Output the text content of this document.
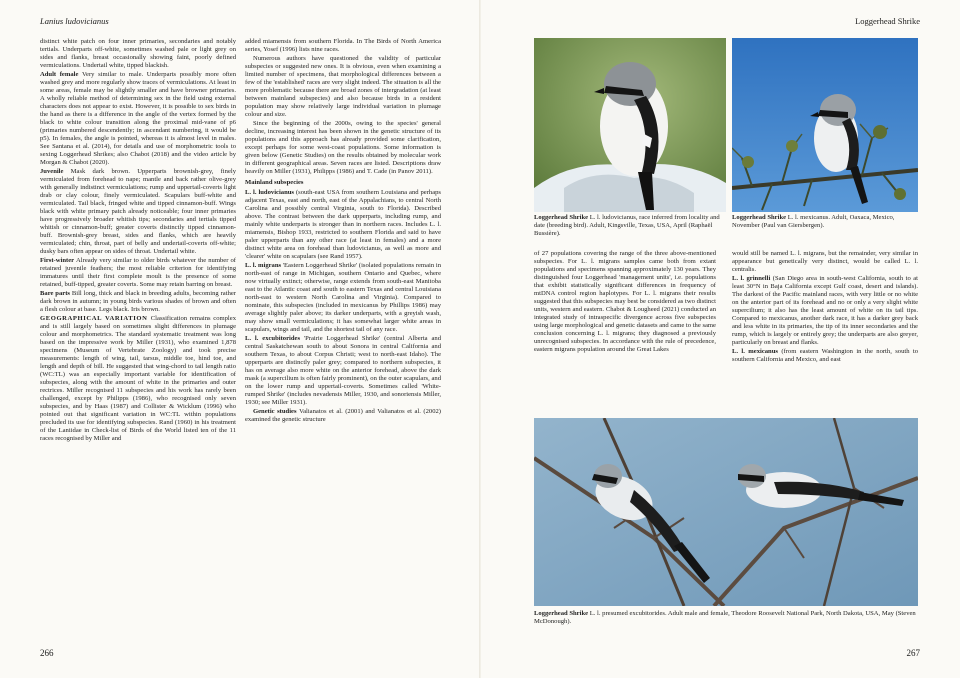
Lanius ludovicianus

distinct white patch on four inner primaries, secondaries and notably tertials. Underparts off-white, sometimes washed pale or light grey on sides and flanks, breast occasionally showing faint, poorly defined vermiculations. Undertail white, tipped blackish.

Adult female Very similar to male. Underparts possibly more often washed grey and more regularly show traces of vermiculations. At least in some areas, female may be slightly smaller and have browner primaries. A wholly reliable method of determining sex in the field using external characters does not appear to exist. However, it is possible to sex birds in the hand as there is a difference in the angle of the vertex formed by the black to white colour transition along the proximal mid-vane of p6 (primaries numbered descendently; in ascendant numbering, it would be p5). In females, the angle is pointed, whereas it is almost level in males. See Santana et al. (2014), for details and use of morphometric tools to sexing Loggerhead Shrikes; also Chabot (2018) and the video article by Morgan & Chabot (2020).

Juvenile Mask dark brown. Upperparts brownish-grey, finely vermiculated from forehead to nape; mantle and back rather olive-grey with generally indistinct vermiculations; rump and uppertail-coverts light drab or clay colour, finely vermiculated. Scapulars buff-white and vermiculated. Tail black, fringed white and tipped cinnamon-buff. Wings black with white primary patch already noticeable; four inner primaries have progressively broader whitish tips; secondaries and tertials tipped whitish or cinnamon-buff; greater coverts distinctly tipped cinnamon-buff. Brownish-grey breast, sides and flanks, which are heavily vermiculated; chin, throat, part of belly and undertail-coverts off-white; dusky bars often appear on sides of throat. Undertail white.

First-winter Already very similar to older birds whatever the number of retained juvenile feathers; the most reliable criterion for identifying immatures until their first complete moult is the presence of some retained, buff-tipped, greater coverts. Some may retain barring on breast.

Bare parts Bill long, thick and black in breeding adults, becoming rather dark brown in autumn; in young birds various shades of brown and often a flesh colour at base. Legs black. Iris brown.

GEOGRAPHICAL VARIATION Classification remains complex and is still largely based on sometimes slight differences in plumage colour and morphometrics. The standard systematic treatment was long based on the impressive work by Miller (1931), who examined 1,878 specimens (Museum of Vertebrate Zoology) and took precise measurements: length of wing, tail, tarsus, middle toe, hind toe, and length and depth of bill. He suggested that wing-chord to tail length ratio (WC:TL) was an especially important variable for identification of subspecies, along with the amount of white in the primaries and outer rectrices. Miller recognised 11 subspecies and his work has rarely been challenged, except by Philipps (1986), who recognised only seven subspecies, and by Haas (1987) and Collister & Wicklum (1996) who pointed out that significant variation in WC:TL within populations precluded its use for identifying subspecies. Rand (1960) in his treatment of the Laniidae in Check-list of Birds of the World listed ten of the 11 races recognised by Miller and

added miamensis from southern Florida. In The Birds of North America series, Yosef (1996) lists nine races.

Numerous authors have questioned the validity of particular subspecies or suggested new ones. It is obvious, even when examining a limited number of specimens, that morphological differences between a few of the 'established' races are very slight indeed. The situation is all the more problematic because there are broad zones of intergradation (at least between mainland subspecies) and also because birds in a resident population may show relatively large individual variation in plumage colour and size.

Since the beginning of the 2000s, owing to the species' general decline, increasing interest has been shown in the genetic structure of its populations and this approach has already provided some clarification, except perhaps for some west-coast populations. Some information is given below (Genetic Studies) on the results obtained by molecular work in different geographical areas. Seven races are listed. Descriptions draw heavily on Miller (1931), Philipps (1986) and T. Cade (in Panov 2011).

Mainland subspecies

L. l. ludovicianus (south-east USA from southern Louisiana and perhaps adjacent Texas, east and north, east of the Appalachians, to central North Carolina and possibly central Virginia, south to Florida). Described above. The contrast between the dark upperparts, including rump, and mainly white underparts is stronger than in northern races. Includes L. l. miamensis, Bishop 1933, restricted to southern Florida and said to have paler upperparts than any other race (at least in females) and a more distinct white area on forehead than ludovicianus, as well as more and 'clearer' white on scapulars (see Rand 1957).

L. l. migrans 'Eastern Loggerhead Shrike' (isolated populations remain in north-east of range in Michigan, southern Ontario and Quebec, where now virtually extinct; otherwise, range extends from south-east Manitoba east to the Atlantic coast and south to eastern Texas and central Louisiana north-east to western North Carolina and Virginia). Compared to nominate, this subspecies (included in mexicanus by Phillips 1986) may average slightly paler above; its darker underparts, with a greyish wash, may show small vermiculations; it has somewhat larger white areas in scapulars, wings and tail, and the shortest tail of any race.

L. l. excubitorides 'Prairie Loggerhead Shrike' (central Alberta and central Saskatchewan south to about Sonora in central California and southern Texas, to about Corpus Christi; west to north-east Idaho). The upperparts are distinctly paler grey; compared to northern subspecies, it has on average also more white on the anterior forehead, above the dark mask (a supercilium is often fairly prominent), on the outer scapulars, and on the lower rump and uppertail-coverts. Sometimes called 'White-rumped Shrike' (includes nevadensis Miller, 1930, and sonoriensis Miller, 1930; see Miller 1931).

Genetic studies Valianatos et al. (2001) and Valianatos et al. (2002) examined the genetic structure

266
Loggerhead Shrike
Loggerhead Shrike L. l. ludovicianus, race inferred from locality and date (breeding bird). Adult, Kingsville, Texas, USA, April (Raphaël Bussière).
Loggerhead Shrike L. l. mexicanus. Adult, Oaxaca, Mexico, November (Paul van Giersbergen).

of 27 populations covering the range of the three above-mentioned subspecies. For L. l. migrans samples came both from extant populations and specimens spanning approximately 130 years. They distinguished four Loggerhead 'management units', i.e. populations that exhibit statistically significant differences in frequency of mtDNA control region haplotypes. For L. l. migrans their results suggested that this subspecies may best be considered as two distinct units, western and eastern. Chabot & Lougheed (2021) conducted an integrated study of intraspecific divergence across five subspecies using large morphological and genetic datasets and came to the same conclusion concerning L. l. migrans; they diagnosed a previously unrecognised subspecies. In accordance with the rule of precedence, eastern migrans population around the Great Lakes

would still be named L. l. migrans, but the remainder, very similar in appearance but genetically very distinct, would be called L. l. centralis.

L. l. grinnelli (San Diego area in south-west California, south to at least 30°N in Baja California except Gulf coast, desert and islands). The darkest of the Pacific mainland races, with very little or no white on the anterior part of its forehead and no or only a very slight white supercilium; it also has the least amount of white on its tail tips. Compared to mexicanus, another dark race, it has a darker grey back and less white in its primaries, the tip of its inner secondaries and the rump, which is largely or entirely grey; the underparts are also greyer, particularly on breast and flanks.

L. l. mexicanus (from eastern Washington in the north, south to southern California and Mexico, and east

Loggerhead Shrike L. l. presumed excubitorides. Adult male and female, Theodore Roosevelt National Park, North Dakota, USA, May (Steven McDonough).
267
